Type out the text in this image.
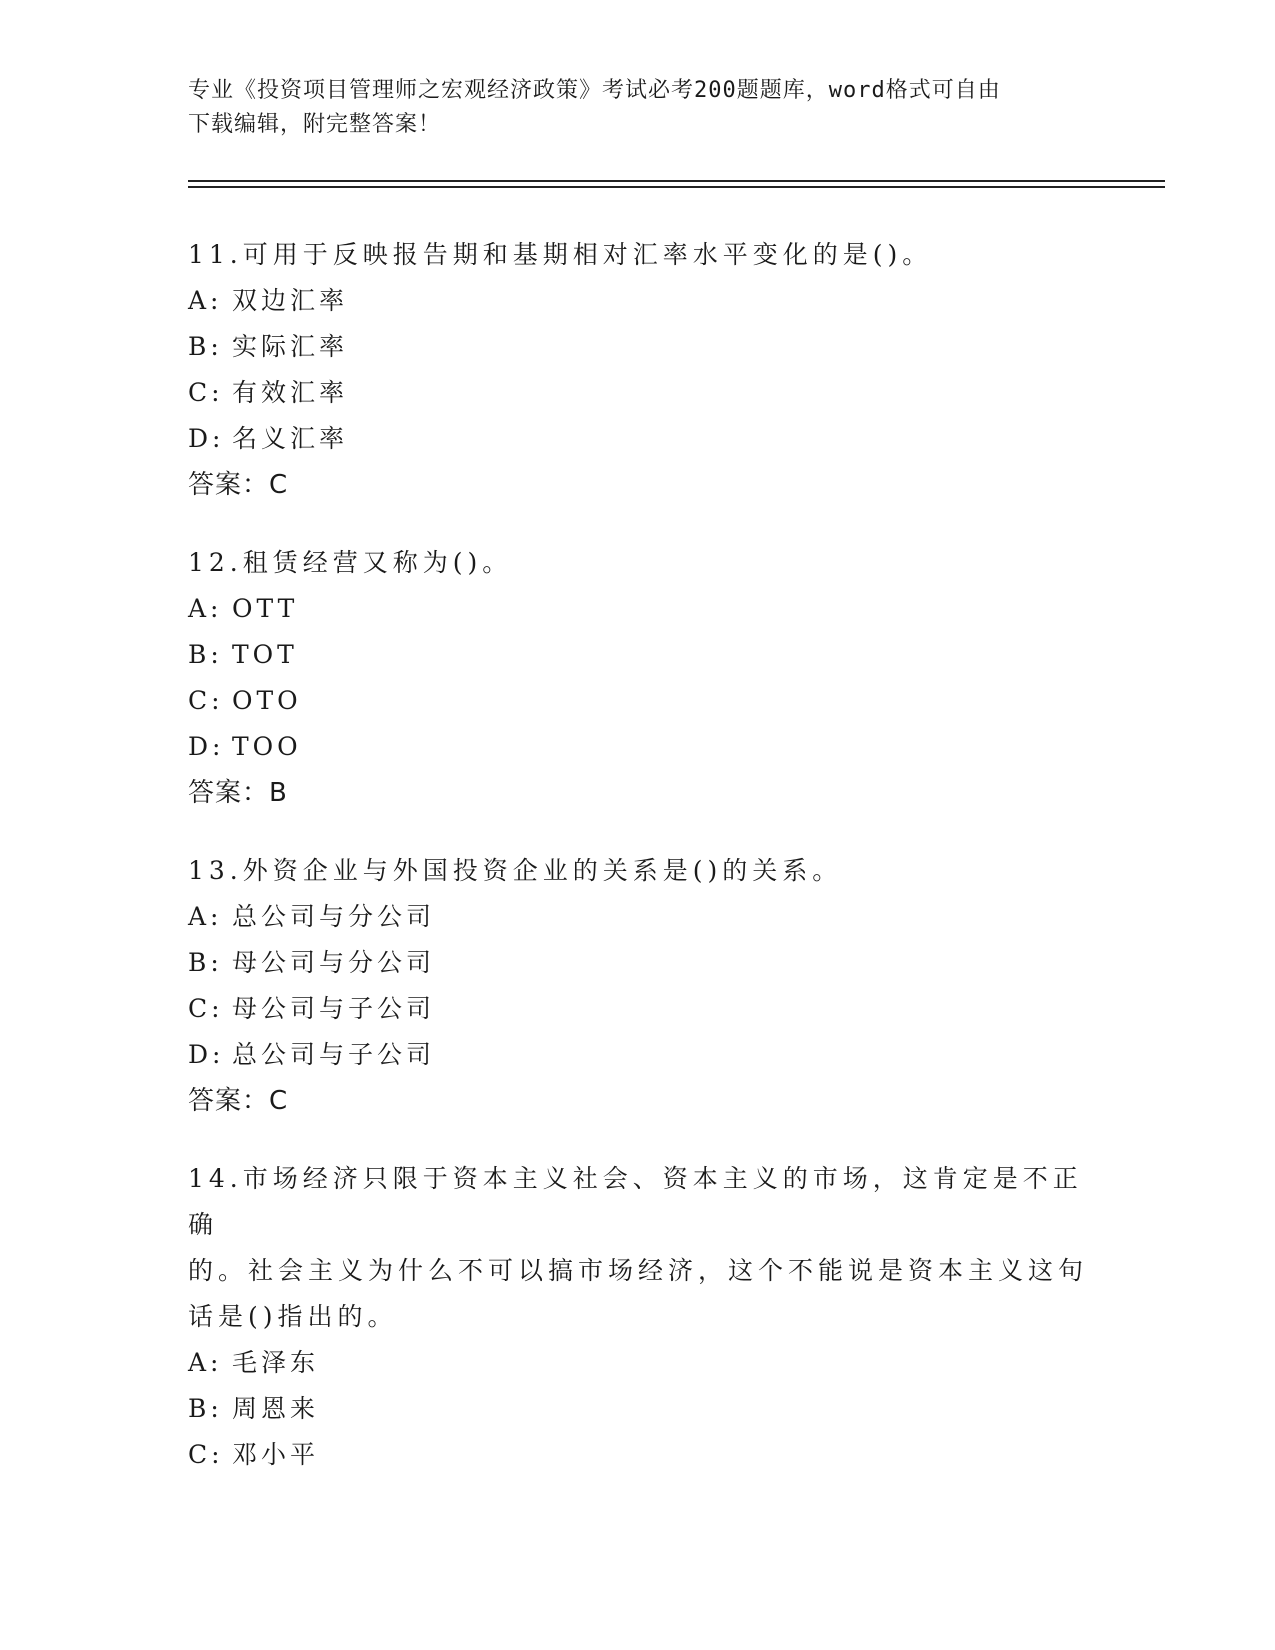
专业《投资项目管理师之宏观经济政策》考试必考200题题库，word格式可自由
下载编辑，附完整答案！

11.可用于反映报告期和基期相对汇率水平变化的是()。

A: 双边汇率
B: 实际汇率
C: 有效汇率
D: 名义汇率

答案：C

12.租赁经营又称为()。

A: OTT
B: TOT
C: OTO
D: TOO

答案：B

13.外资企业与外国投资企业的关系是()的关系。

A: 总公司与分公司
B: 母公司与分公司
C: 母公司与子公司
D: 总公司与子公司

答案：C

14.市场经济只限于资本主义社会、资本主义的市场，这肯定是不正确

的。社会主义为什么不可以搞市场经济，这个不能说是资本主义这句

话是()指出的。

A: 毛泽东
B: 周恩来
C: 邓小平
